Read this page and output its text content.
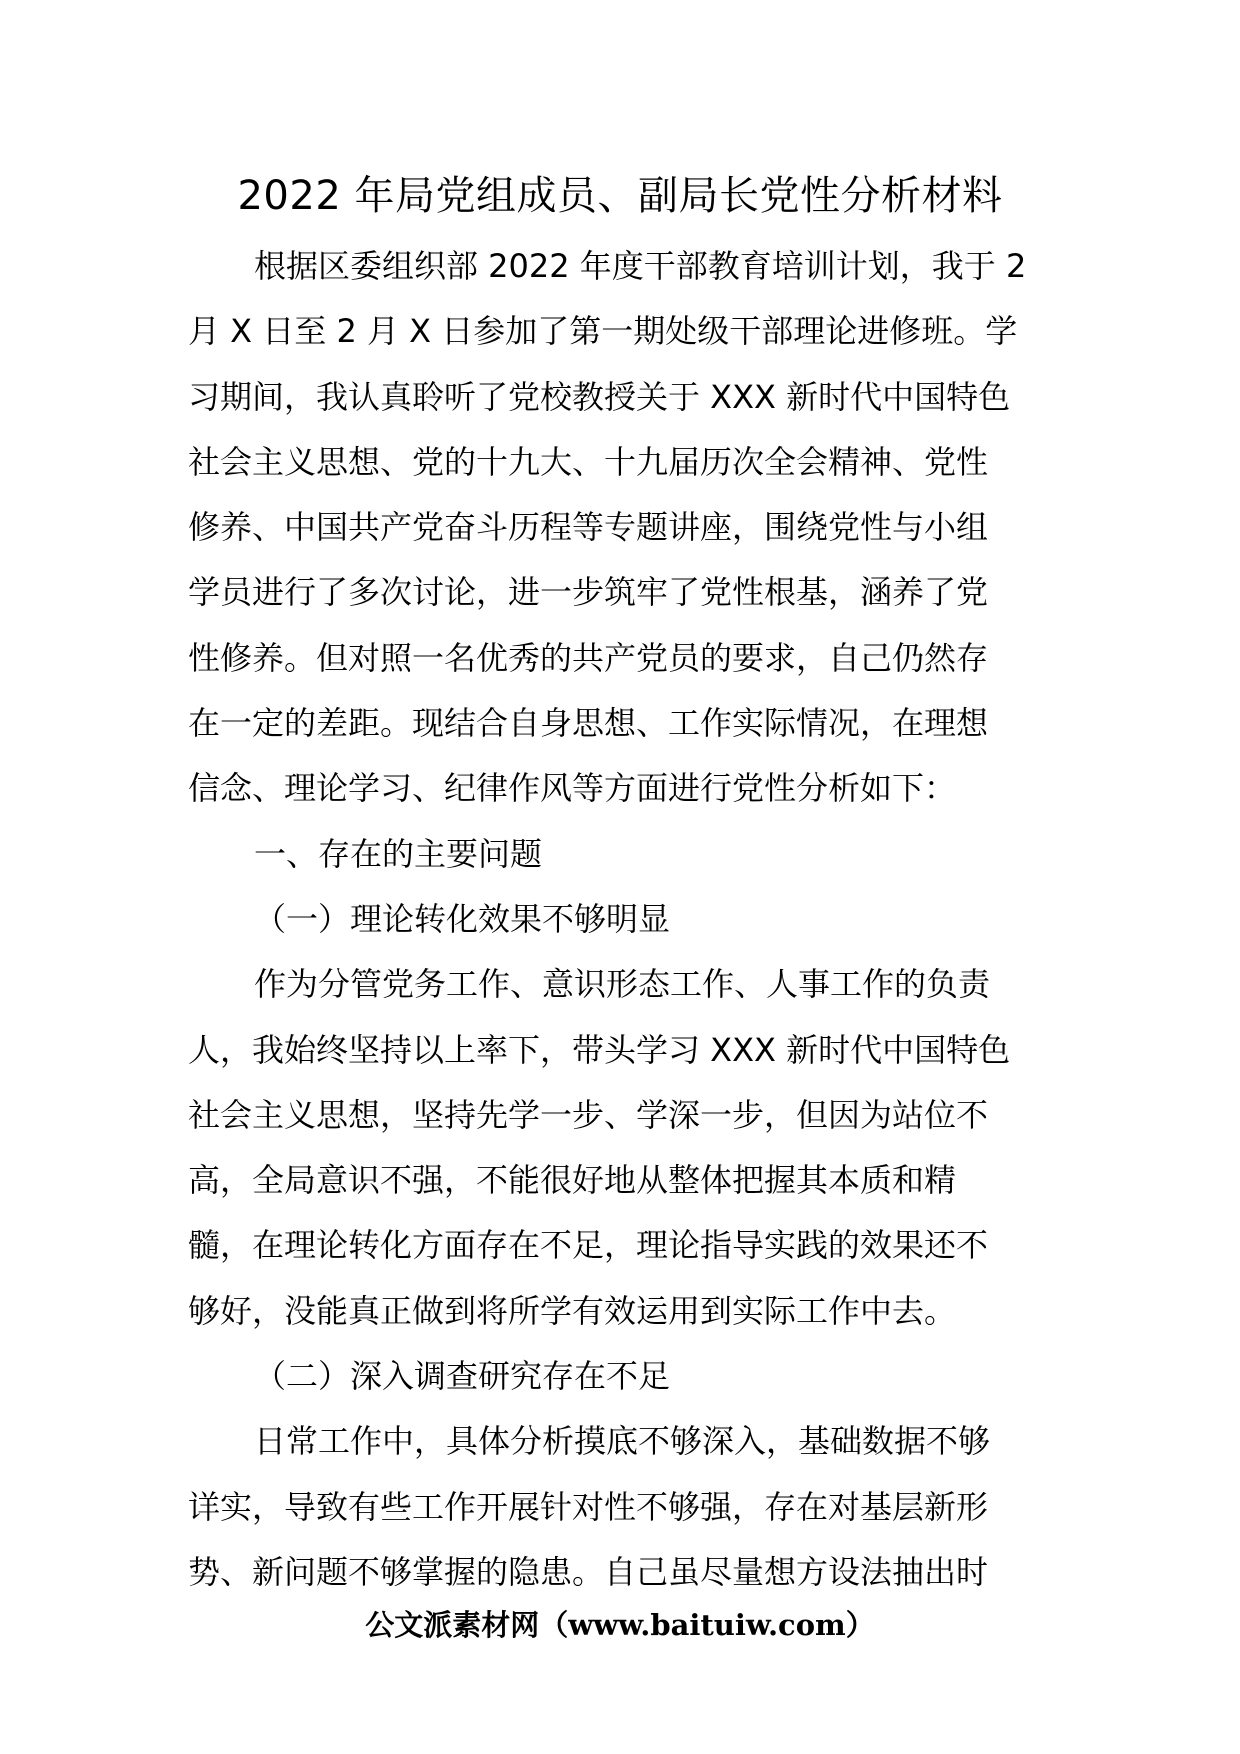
2022 年局党组成员、副局长党性分析材料
根据区委组织部 2022 年度干部教育培训计划，我于 2
月 X 日至 2 月 X 日参加了第一期处级干部理论进修班。学
习期间，我认真聆听了党校教授关于 XXX 新时代中国特色
社会主义思想、党的十九大、十九届历次全会精神、党性
修养、中国共产党奋斗历程等专题讲座，围绕党性与小组
学员进行了多次讨论，进一步筑牢了党性根基，涵养了党
性修养。但对照一名优秀的共产党员的要求，自己仍然存
在一定的差距。现结合自身思想、工作实际情况，在理想
信念、理论学习、纪律作风等方面进行党性分析如下：
一、存在的主要问题
（一）理论转化效果不够明显
作为分管党务工作、意识形态工作、人事工作的负责
人，我始终坚持以上率下，带头学习 XXX 新时代中国特色
社会主义思想，坚持先学一步、学深一步，但因为站位不
高，全局意识不强，不能很好地从整体把握其本质和精
髓，在理论转化方面存在不足，理论指导实践的效果还不
够好，没能真正做到将所学有效运用到实际工作中去。
（二）深入调查研究存在不足
日常工作中，具体分析摸底不够深入，基础数据不够
详实，导致有些工作开展针对性不够强，存在对基层新形
势、新问题不够掌握的隐患。自己虽尽量想方设法抽出时
公文派素材网（www.baituiw.com）
